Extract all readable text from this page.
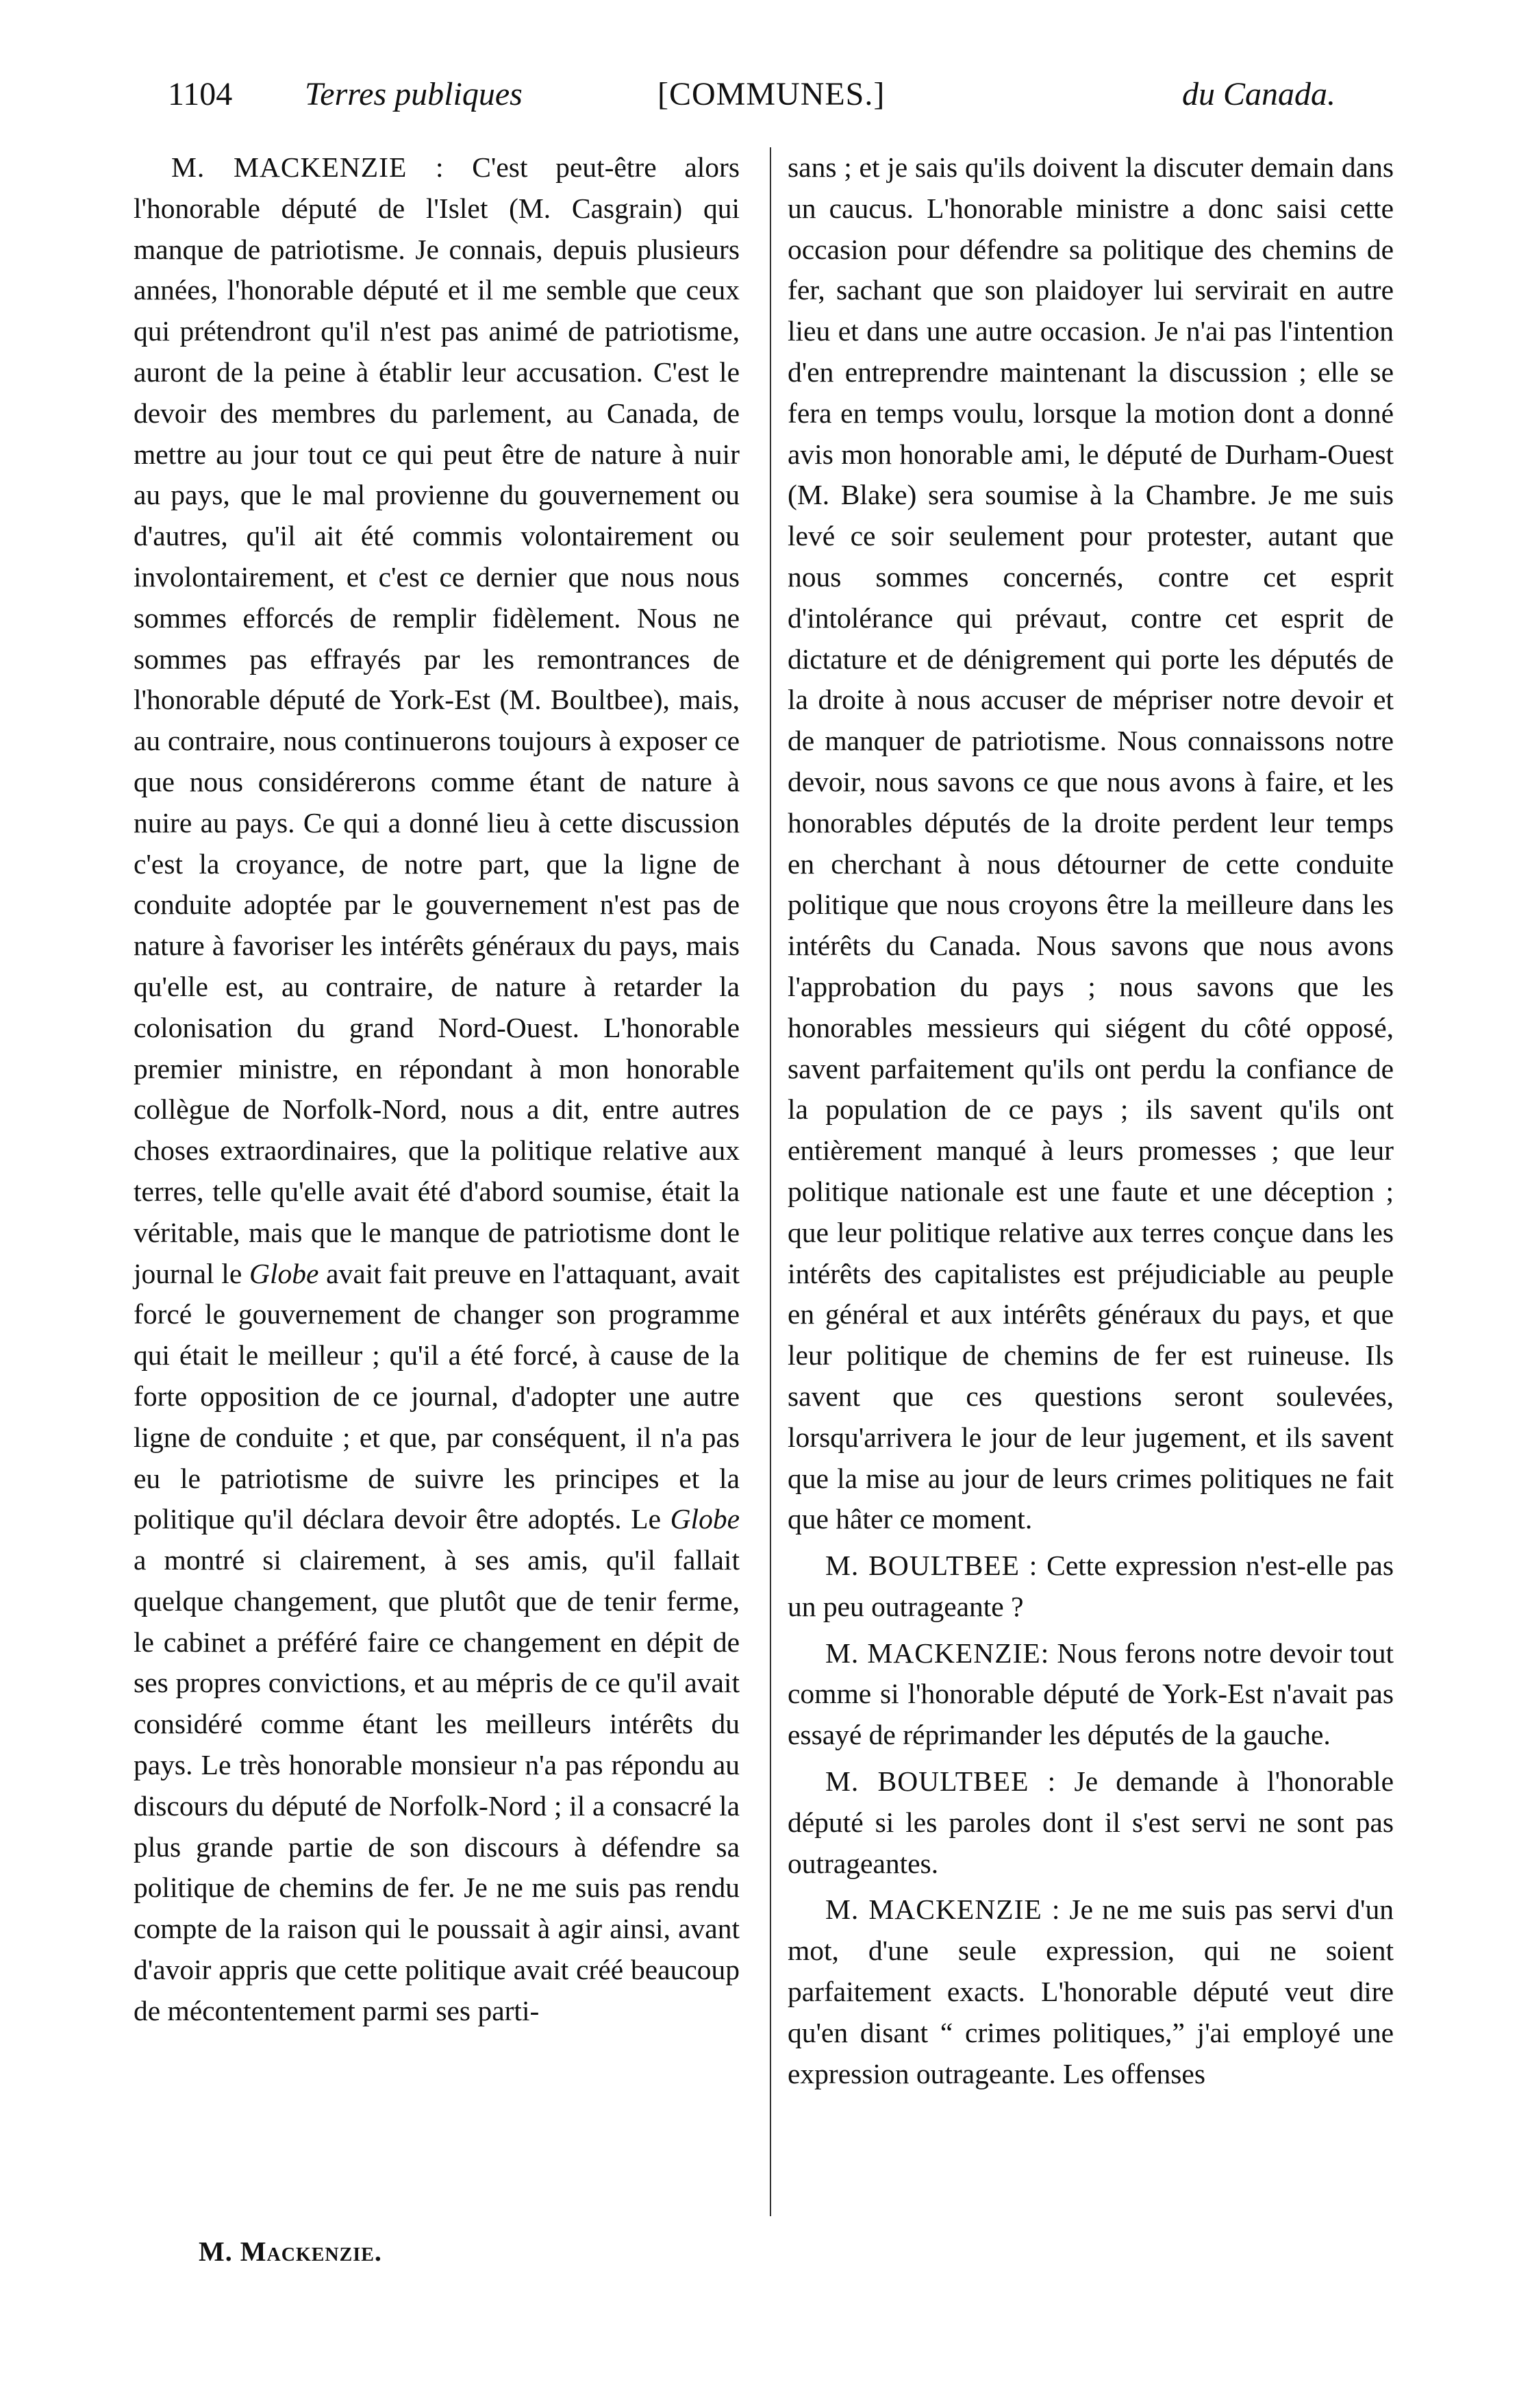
1104 Terres publiques	[COMMUNES.]	du Canada.

M. MACKENZIE : C'est peut-être alors l'honorable député de l'Islet (M. Casgrain) qui manque de patriotisme. Je connais, depuis plusieurs années, l'honorable député et il me semble que ceux qui prétendront qu'il n'est pas animé de patriotisme, auront de la peine à établir leur accusation. C'est le devoir des membres du parlement, au Canada, de mettre au jour tout ce qui peut être de nature à nuir au pays, que le mal provienne du gouvernement ou d'autres, qu'il ait été commis volontairement ou involontairement, et c'est ce dernier que nous nous sommes efforcés de remplir fidèlement. Nous ne sommes pas effrayés par les remontrances de l'honorable député de York-Est (M. Boultbee), mais, au contraire, nous continuerons toujours à exposer ce que nous considérerons comme étant de nature à nuire au pays. Ce qui a donné lieu à cette discussion c'est la croyance, de notre part, que la ligne de conduite adoptée par le gouvernement n'est pas de nature à favoriser les intérêts généraux du pays, mais qu'elle est, au contraire, de nature à retarder la colonisation du grand Nord-Ouest. L'honorable premier ministre, en répondant à mon honorable collègue de Norfolk-Nord, nous a dit, entre autres choses extraordinaires, que la politique relative aux terres, telle qu'elle avait été d'abord soumise, était la véritable, mais que le manque de patriotisme dont le journal le Globe avait fait preuve en l'attaquant, avait forcé le gouvernement de changer son programme qui était le meilleur ; qu'il a été forcé, à cause de la forte opposition de ce journal, d'adopter une autre ligne de conduite ; et que, par conséquent, il n'a pas eu le patriotisme de suivre les principes et la politique qu'il déclara devoir être adoptés. Le Globe a montré si clairement, à ses amis, qu'il fallait quelque changement, que plutôt que de tenir ferme, le cabinet a préféré faire ce changement en dépit de ses propres convictions, et au mépris de ce qu'il avait considéré comme étant les meilleurs intérêts du pays. Le très honorable monsieur n'a pas répondu au discours du député de Norfolk-Nord ; il a consacré la plus grande partie de son discours à défendre sa politique de chemins de fer. Je ne me suis pas rendu compte de la raison qui le poussait à agir ainsi, avant d'avoir appris que cette politique avait créé beaucoup de mécontentement parmi ses parti-

sans ; et je sais qu'ils doivent la discuter demain dans un caucus. L'honorable ministre a donc saisi cette occasion pour défendre sa politique des chemins de fer, sachant que son plaidoyer lui servirait en autre lieu et dans une autre occasion. Je n'ai pas l'intention d'en entreprendre maintenant la discussion ; elle se fera en temps voulu, lorsque la motion dont a donné avis mon honorable ami, le député de Durham-Ouest (M. Blake) sera soumise à la Chambre. Je me suis levé ce soir seulement pour protester, autant que nous sommes concernés, contre cet esprit d'intolérance qui prévaut, contre cet esprit de dictature et de dénigrement qui porte les députés de la droite à nous accuser de mépriser notre devoir et de manquer de patriotisme. Nous connaissons notre devoir, nous savons ce que nous avons à faire, et les honorables députés de la droite perdent leur temps en cherchant à nous détourner de cette conduite politique que nous croyons être la meilleure dans les intérêts du Canada. Nous savons que nous avons l'approbation du pays ; nous savons que les honorables messieurs qui siégent du côté opposé, savent parfaitement qu'ils ont perdu la confiance de la population de ce pays ; ils savent qu'ils ont entièrement manqué à leurs promesses ; que leur politique nationale est une faute et une déception ; que leur politique relative aux terres conçue dans les intérêts des capitalistes est préjudiciable au peuple en général et aux intérêts généraux du pays, et que leur politique de chemins de fer est ruineuse. Ils savent que ces questions seront soulevées, lorsqu'arrivera le jour de leur jugement, et ils savent que la mise au jour de leurs crimes politiques ne fait que hâter ce moment.

M. BOULTBEE : Cette expression n'est-elle pas un peu outrageante ?

M. MACKENZIE: Nous ferons notre devoir tout comme si l'honorable député de York-Est n'avait pas essayé de réprimander les députés de la gauche.

M. BOULTBEE : Je demande à l'honorable député si les paroles dont il s'est servi ne sont pas outrageantes.

M. MACKENZIE : Je ne me suis pas servi d'un mot, d'une seule expression, qui ne soient parfaitement exacts. L'honorable député veut dire qu'en disant “ crimes politiques,” j'ai employé une expression outrageante. Les offenses

M. Mackenzie.
